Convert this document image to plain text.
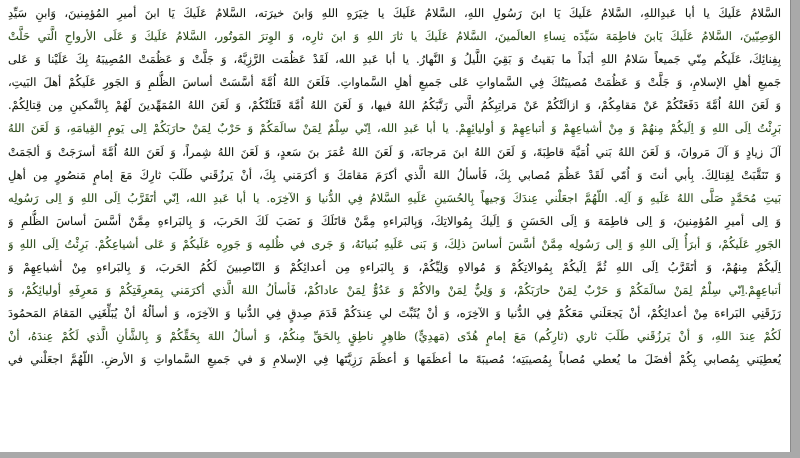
السَّلامُ عَلَيكَ يا أبا عَبدِاللهِ، السَّلامُ عَلَيكَ يَا ابنَ رَسُولِ اللهِ، السَّلامُ عَلَيكَ يا خِيَرَهِ اللهِ وَابنَ خيرَته، السَّلامُ عَلَيكَ يَا ابنَ أميرِ المُؤمِنينَ، وَابنِ سَيِّدِ
الوَصِيّينَ، السَّلامُ عَلَيكَ يَابنَ فاطِمَهَ سَيِّدَه نِساءِ العالَمينَ، السَّلامُ عَلَيكَ يا ثارَ اللهِ وَ ابنَ ثارِه، وَ الوِترَ المَوتُور، السَّلامُ عَلَيكَ وَ عَلَى الأرواحِ الَّتي حَلَّتْ
بِفِنائِكَ، عَلَيكُم مِنّي جَميعاً سَلامُ اللهِ أبَداً ما بَقيتُ وَ بَقِيَ اللَّيلُ وَ النَّهارُ. يا أبا عَبدِ الله، لَقَدْ عَظُمَت الرَّزِيَّهُ، وَ جَلَّتْ وَ عَظُمَتْ المُصِيبَهُ بِكَ عَلَيْنا وَ عَلى
جَميعِ أهلِ الإسلامِ، وَ جَلَّتْ وَ عَظُمَتْ مُصيبَتُكَ فِي السَّماواتِ عَلى جَميعِ أهلِ السَّماواتِ. فَلَعَنَ اللهُ اُمَّهً أسَّسَتْ أساسَ الظُّلمِ وَ الجَورِ عَلَيكُمْ أهلَ البَيتِ،
وَ لَعَنَ اللهُ اُمَّهً دَفَعَتْكُمْ عَنْ مَقامِكُمْ، وَ ازالَتْكُمْ عَنْ مَراتِبِكُمُ الَّتي رَتَّبَكُمُ اللهُ فيها، وَ لَعَنَ اللهُ اُمَّهً قَتَلَتْكُمْ، وَ لَعَنَ اللهُ المُمَهِّدينَ لَهُمْ بِالتَّمكينِ مِن قِتالِكُمْ.
بَرِئْتُ اِلَى اللهِ وَ اِلَيكُمْ مِنهُمْ وَ مِنْ أشياعِهِمْ وَ أتباعِهِمْ وَ أوليائِهِمْ. يا أبا عَبدِ الله، اِنّي سِلْمٌ لِمَنْ سالَمَكُمْ وَ حَرْبٌ لِمَنْ حارَبَكُمْ اِلى يَومِ القِيامَهِ، وَ لَعَنَ اللهُ
آلَ زيادٍ وَ آلَ مَروانَ، وَ لَعَنَ اللهُ بَني اُمَيَّهَ قاطِبَهً، وَ لَعَنَ اللهُ ابنَ مَرجانَهَ، وَ لَعَنَ اللهُ عُمَرَ بنَ سَعدٍ، وَ لَعَنَ اللهُ شِمراً، وَ لَعَنَ اللهُ اُمَّهً أسرَجَتْ وَ ألجَمَتْ
وَ تَنَقَّبَتْ لِقِتالِكَ. بِأبي أنتَ وَ اُمّي لَقَدْ عَظُمَ مُصابي بِكَ، فَأسألُ اللهَ الَّذي أكرَمَ مَقامَكَ وَ أكرَمَني بِكَ، أنْ يَرزُقَني طَلَبَ ثارِكَ مَعَ إمامٍ مَنصُورٍ مِن أهلِ
بَيتِ مُحَمَّدٍ صَلَّى اللهُ عَلَيهِ وَ آلِه. اللّهُمَّ اجعَلْني عِندَكَ وَجيهاً بِالحُسَينِ عَلَيهِ السَّلامُ فِي الدُّنيا وَ الآخِرَه. يا أبا عَبدِ الله، اِنّي أتَقَرَّبُ اِلَى اللهِ وَ اِلى رَسُولِه
وَ اِلى أميرِ المُؤمِنينَ، وَ اِلى فاطِمَهَ وَ اِلَى الحَسَنِ وَ اِلَيكَ بِمُوالاتِكَ، وَبِالبَراءهِ مِمَّنْ قاتَلَكَ وَ نَصَبَ لَكَ الحَربَ، وَ بِالبَراءهِ مِمَّنْ أسَّسَ أساسَ الظُّلمِ وَ
الجَورِ عَلَيكُمْ، وَ أبرَأُ اِلَى اللهِ وَ اِلى رَسُولِه مِمَّنْ أسَّسَ أساسَ ذلِكَ، وَ بَنى عَلَيهِ بُنيانَهُ، وَ جَرى في ظُلمِه وَ جَورِه عَلَيكُمْ وَ عَلى أشياعِكُمْ. بَرِئْتُ اِلَى اللهِ وَ
اِلَيكُمْ مِنهُمْ، وَ أتَقَرَّبُ اِلَى اللهِ ثُمَّ اِلَيكُمْ بِمُوالاتِكُمْ وَ مُوالاهِ وَلِيِّكُمْ، وَ بِالبَراءهِ مِن أعدائِكُمْ وَ النّاصِبينَ لَكُمُ الحَربَ، وَ بِالبَراءهِ مِنْ أشياعِهِمْ وَ
أتباعِهِمْ.اِنّي سِلْمٌ لِمَنْ سالَمَكُمْ وَ حَرْبٌ لِمَنْ حارَبَكُمْ، وَ وَلِيٌّ لِمَنْ والاكُمْ وَ عَدُوٌّ لِمَنْ عاداكُمْ، فَأسألُ اللهَ الَّذي أكرَمَني بِمَعرِفَتِكُمْ وَ مَعرِفَهِ أوليائِكُمْ، وَ
رَزَقَنِي البَراءهَ مِنْ أعدائِكُمْ، أنْ يَجعَلَني مَعَكُمْ فِي الدُّنيا وَ الآخِرَه، وَ أنْ يُثَبِّتَ لي عِندَكُمْ قَدَمَ صِدقٍ فِي الدُّنيا وَ الآخِرَه، وَ أسألُهُ أنْ يُبَلِّغَنِي المَقامَ المَحمُودَ
لَكُمْ عِندَ اللهِ، وَ أنْ يَرزُقَني طَلَبَ ثاري (ثارِكُم) مَعَ إمامٍ هُدًى (مَهدِيٍّ) ظاهِرٍ ناطِقٍ بِالحَقِّ مِنكُمْ، وَ أسألُ اللهَ بِحَقِّكُمْ وَ بِالشَّأنِ الَّذي لَكُمْ عِندَهُ، أنْ
يُعطِيَني بِمُصابي بِكُمْ أفضَلَ ما يُعطي مُصاباً بِمُصيبَتِه؛ مُصيبَهً ما أعظَمَها وَ أعظَمَ رَزِيَّتَها فِي الإسلامِ وَ في جَميعِ السَّماواتِ وَ الأرضِ. اللّهُمَّ اجعَلْني في
